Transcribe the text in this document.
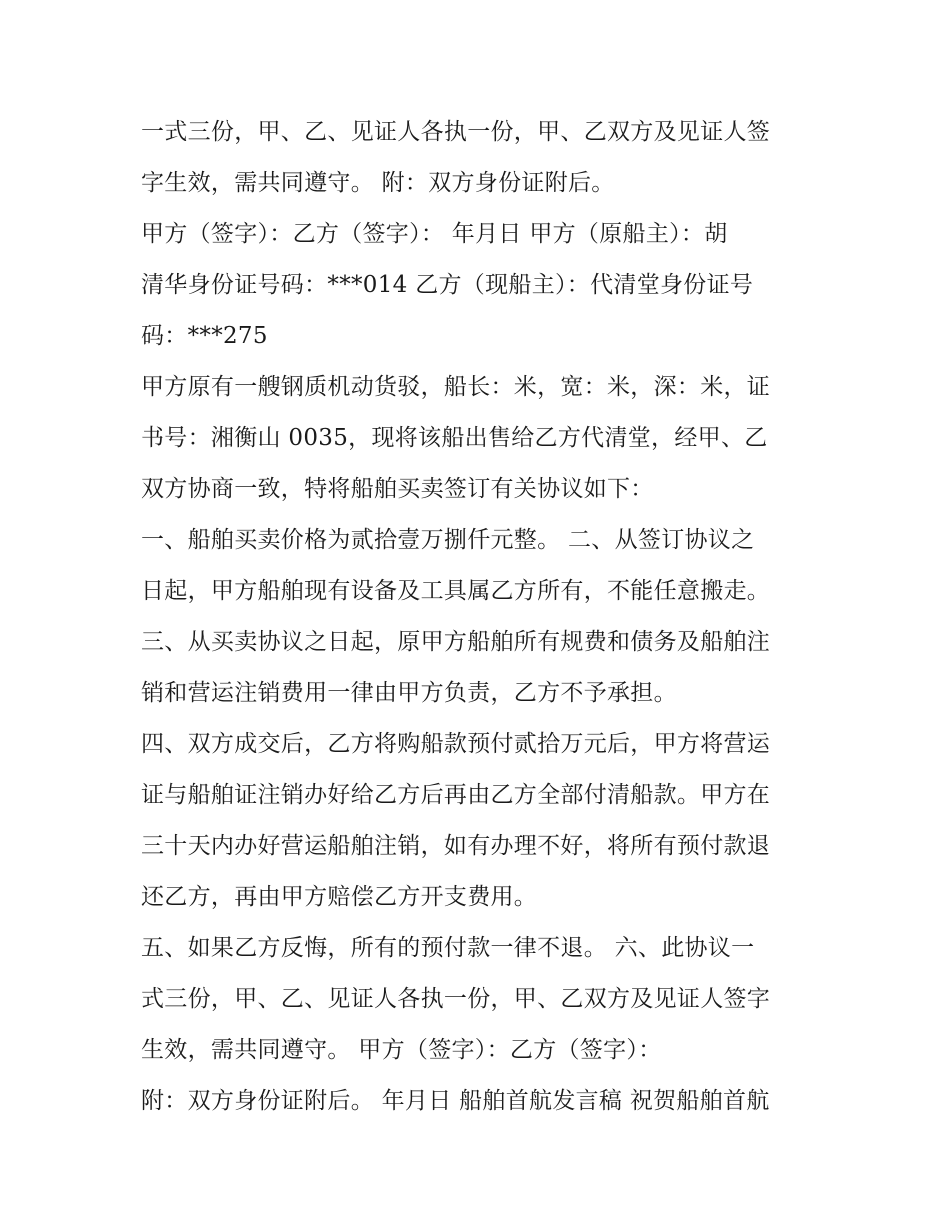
一式三份，甲、乙、见证人各执一份，甲、乙双方及见证人签
字生效，需共同遵守。 附：双方身份证附后。
甲方（签字）：乙方（签字）： 年月日 甲方（原船主）：胡
清华身份证号码：***014 乙方（现船主）：代清堂身份证号
码：***275
甲方原有一艘钢质机动货驳，船长：米，宽：米，深：米，证
书号：湘衡山 0035，现将该船出售给乙方代清堂，经甲、乙
双方协商一致，特将船舶买卖签订有关协议如下：
一、船舶买卖价格为贰拾壹万捌仟元整。 二、从签订协议之
日起，甲方船舶现有设备及工具属乙方所有，不能任意搬走。
三、从买卖协议之日起，原甲方船舶所有规费和债务及船舶注
销和营运注销费用一律由甲方负责，乙方不予承担。
四、双方成交后，乙方将购船款预付贰拾万元后，甲方将营运
证与船舶证注销办好给乙方后再由乙方全部付清船款。甲方在
三十天内办好营运船舶注销，如有办理不好，将所有预付款退
还乙方，再由甲方赔偿乙方开支费用。
五、如果乙方反悔，所有的预付款一律不退。 六、此协议一
式三份，甲、乙、见证人各执一份，甲、乙双方及见证人签字
生效，需共同遵守。 甲方（签字）：乙方（签字）：
附：双方身份证附后。 年月日 船舶首航发言稿 祝贺船舶首航
